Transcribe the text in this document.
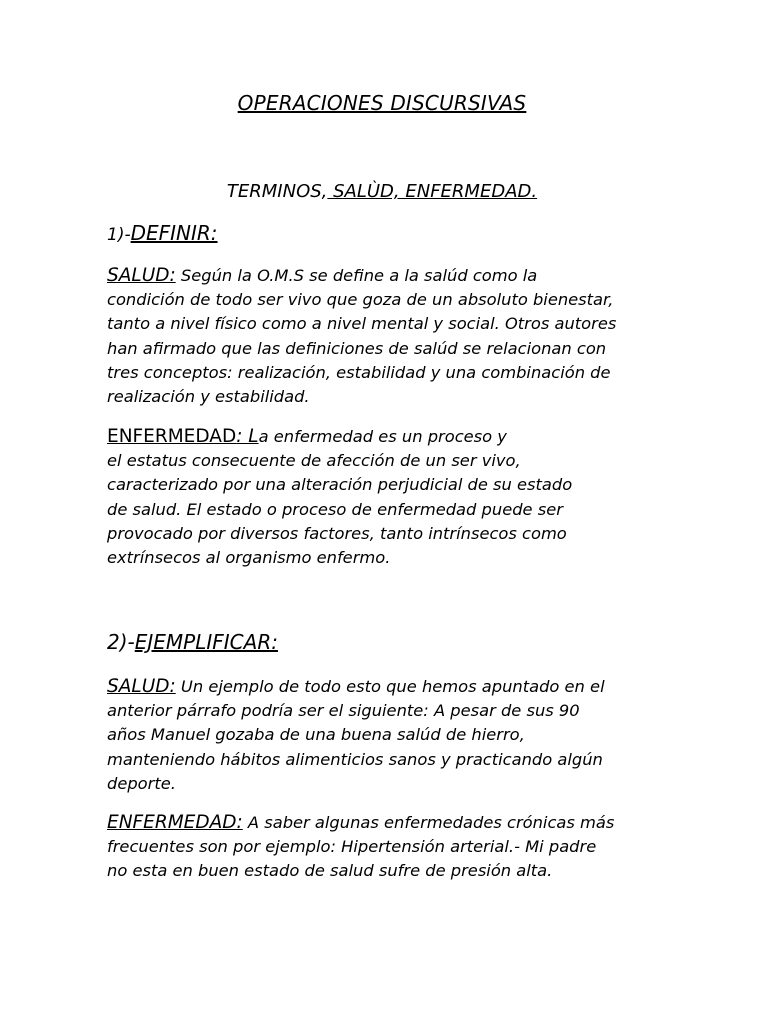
OPERACIONES DISCURSIVAS
TERMINOS, SALÙD, ENFERMEDAD.
1)-DEFINIR:
SALUD: Según la O.M.S se define a la salúd como la
condición de todo ser vivo que goza de un absoluto bienestar,
tanto a nivel físico como a nivel mental y social. Otros autores
han afirmado que las definiciones de salúd se relacionan con
tres conceptos: realización, estabilidad y una combinación de
realización y estabilidad.
ENFERMEDAD: La enfermedad es un proceso y
el estatus consecuente de afección de un ser vivo,
caracterizado por una alteración perjudicial de su estado
de salud. El estado o proceso de enfermedad puede ser
provocado por diversos factores, tanto intrínsecos como
extrínsecos al organismo enfermo.
2)-EJEMPLIFICAR:
SALUD: Un ejemplo de todo esto que hemos apuntado en el
anterior párrafo podría ser el siguiente: A pesar de sus 90
años Manuel gozaba de una buena salúd de hierro,
manteniendo hábitos alimenticios sanos y practicando algún
deporte.
ENFERMEDAD: A saber algunas enfermedades crónicas más
frecuentes son por ejemplo: Hipertensión arterial.- Mi padre
no esta en buen estado de salud sufre de presión alta.
